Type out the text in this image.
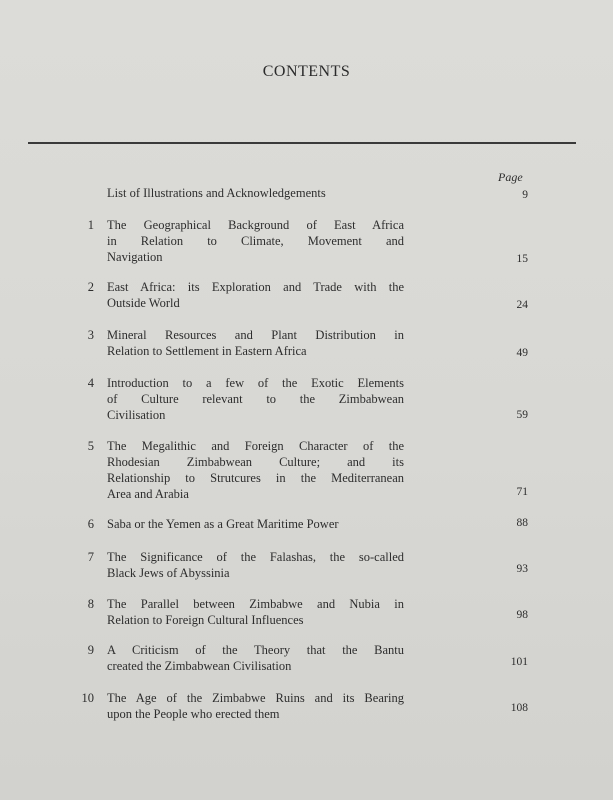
CONTENTS
Page
List of Illustrations and Acknowledgements	9
1 The Geographical Background of East Africa
in Relation to Climate, Movement and
Navigation	15
2 East Africa: its Exploration and Trade with the
Outside World	24
3 Mineral Resources and Plant Distribution in
Relation to Settlement in Eastern Africa	49
4 Introduction to a few of the Exotic Elements
of Culture relevant to the Zimbabwean
Civilisation	59
5 The Megalithic and Foreign Character of the
Rhodesian Zimbabwean Culture; and its
Relationship to Strutcures in the Mediterranean
Area and Arabia	71
6 Saba or the Yemen as a Great Maritime Power	88
7 The Significance of the Falashas, the so-called
Black Jews of Abyssinia	93
8 The Parallel between Zimbabwe and Nubia in
Relation to Foreign Cultural Influences	98
9 A Criticism of the Theory that the Bantu
created the Zimbabwean Civilisation	101
10 The Age of the Zimbabwe Ruins and its Bearing
upon the People who erected them	108
